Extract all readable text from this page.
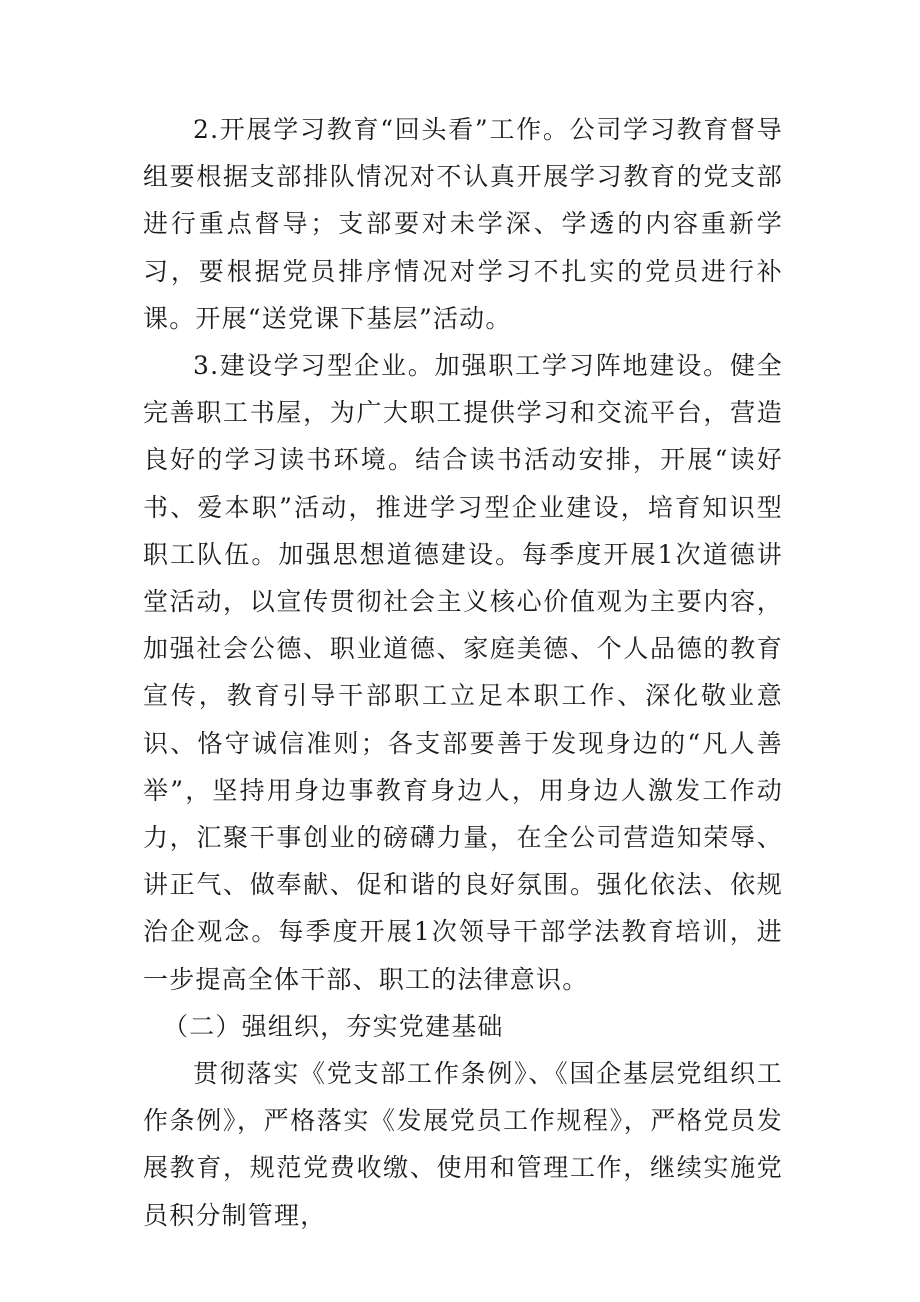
2.开展学习教育“回头看”工作。公司学习教育督导组要根据支部排队情况对不认真开展学习教育的党支部进行重点督导；支部要对未学深、学透的内容重新学习，要根据党员排序情况对学习不扎实的党员进行补课。开展“送党课下基层”活动。

3.建设学习型企业。加强职工学习阵地建设。健全完善职工书屋，为广大职工提供学习和交流平台，营造良好的学习读书环境。结合读书活动安排，开展“读好书、爱本职”活动，推进学习型企业建设，培育知识型职工队伍。加强思想道德建设。每季度开展1次道德讲堂活动，以宣传贯彻社会主义核心价值观为主要内容，加强社会公德、职业道德、家庭美德、个人品德的教育宣传，教育引导干部职工立足本职工作、深化敬业意识、恪守诚信准则；各支部要善于发现身边的“凡人善举”，坚持用身边事教育身边人，用身边人激发工作动力，汇聚干事创业的磅礴力量，在全公司营造知荣辱、讲正气、做奉献、促和谐的良好氛围。强化依法、依规治企观念。每季度开展1次领导干部学法教育培训，进一步提高全体干部、职工的法律意识。

（二）强组织，夯实党建基础

贯彻落实《党支部工作条例》、《国企基层党组织工作条例》，严格落实《发展党员工作规程》，严格党员发展教育，规范党费收缴、使用和管理工作，继续实施党员积分制管理，
